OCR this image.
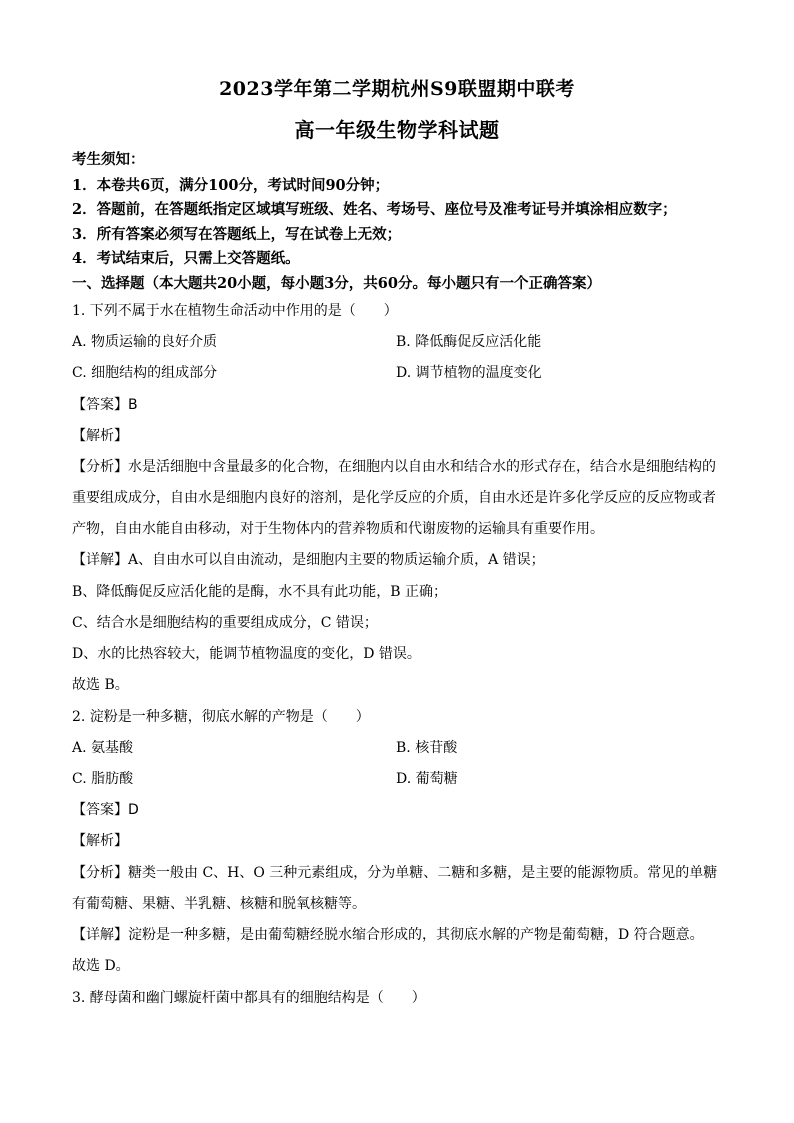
2023学年第二学期杭州S9联盟期中联考
高一年级生物学科试题
考生须知：
1．本卷共6页，满分100分，考试时间90分钟；
2．答题前，在答题纸指定区域填写班级、姓名、考场号、座位号及准考证号并填涂相应数字；
3．所有答案必须写在答题纸上，写在试卷上无效；
4．考试结束后，只需上交答题纸。
一、选择题（本大题共20小题，每小题3分，共60分。每小题只有一个正确答案）
1. 下列不属于水在植物生命活动中作用的是（　　）
A. 物质运输的良好介质	B. 降低酶促反应活化能
C. 细胞结构的组成部分	D. 调节植物的温度变化
【答案】B
【解析】
【分析】水是活细胞中含量最多的化合物，在细胞内以自由水和结合水的形式存在，结合水是细胞结构的
重要组成成分，自由水是细胞内良好的溶剂，是化学反应的介质，自由水还是许多化学反应的反应物或者
产物，自由水能自由移动，对于生物体内的营养物质和代谢废物的运输具有重要作用。
【详解】A、自由水可以自由流动，是细胞内主要的物质运输介质，A 错误；
B、降低酶促反应活化能的是酶，水不具有此功能，B 正确；
C、结合水是细胞结构的重要组成成分，C 错误；
D、水的比热容较大，能调节植物温度的变化，D 错误。
故选 B。
2. 淀粉是一种多糖，彻底水解的产物是（　　）
A. 氨基酸	B. 核苷酸
C. 脂肪酸	D. 葡萄糖
【答案】D
【解析】
【分析】糖类一般由 C、H、O 三种元素组成，分为单糖、二糖和多糖，是主要的能源物质。常见的单糖
有葡萄糖、果糖、半乳糖、核糖和脱氧核糖等。
【详解】淀粉是一种多糖，是由葡萄糖经脱水缩合形成的，其彻底水解的产物是葡萄糖，D 符合题意。
故选 D。
3. 酵母菌和幽门螺旋杆菌中都具有的细胞结构是（　　）
